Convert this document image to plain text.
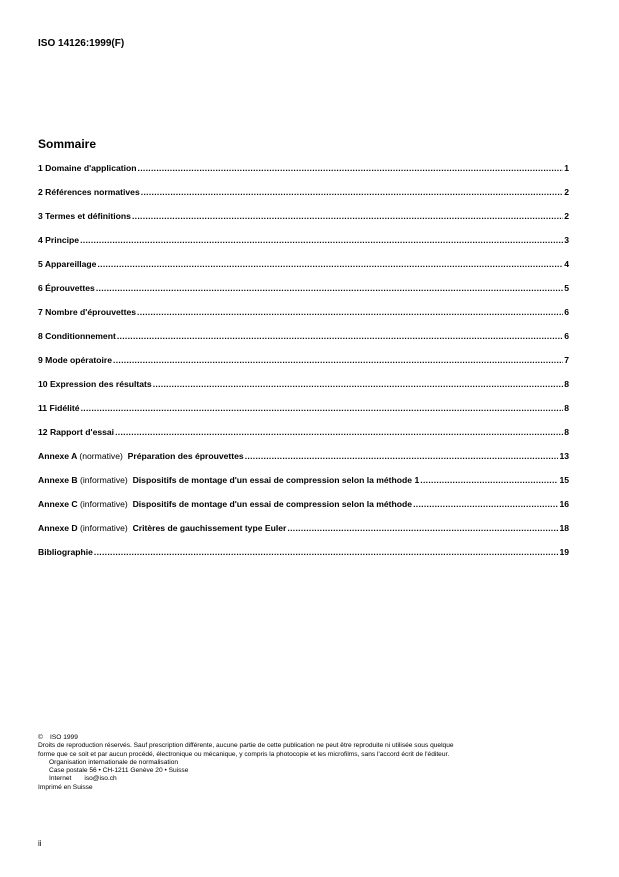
ISO 14126:1999(F)
Sommaire
1 Domaine d'application .....	1
2 Références normatives .....	2
3 Termes et définitions .....	2
4 Principe .....	3
5 Appareillage .....	4
6 Éprouvettes .....	5
7 Nombre d'éprouvettes .....	6
8 Conditionnement .....	6
9 Mode opératoire .....	7
10 Expression des résultats .....	8
11 Fidélité .....	8
12 Rapport d'essai .....	8
Annexe A (normative) Préparation des éprouvettes .....	13
Annexe B (informative) Dispositifs de montage d'un essai de compression selon la méthode 1 .....	15
Annexe C (informative) Dispositifs de montage d'un essai de compression selon la méthode .....	16
Annexe D (informative) Critères de gauchissement type Euler .....	18
Bibliographie .....	19
© ISO 1999
Droits de reproduction réservés. Sauf prescription différente, aucune partie de cette publication ne peut être reproduite ni utilisée sous quelque
forme que ce soit et par aucun procédé, électronique ou mécanique, y compris la photocopie et les microfilms, sans l'accord écrit de l'éditeur.
Organisation internationale de normalisation
Case postale 56 • CH-1211 Genève 20 • Suisse
Internet iso@iso.ch
Imprimé en Suisse
ii
